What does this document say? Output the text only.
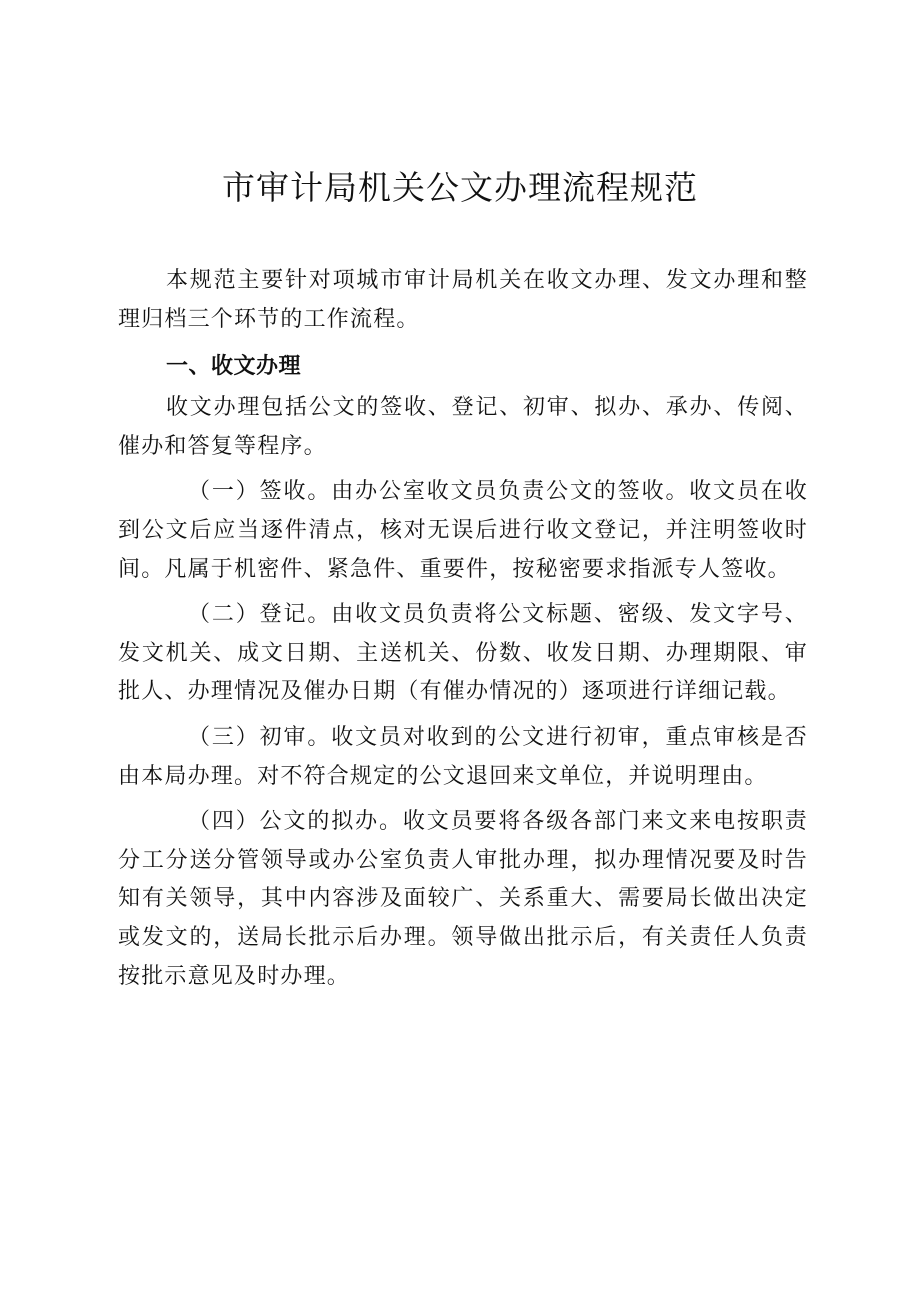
市审计局机关公文办理流程规范

本规范主要针对项城市审计局机关在收文办理、发文办理和整理归档三个环节的工作流程。

一、收文办理

收文办理包括公文的签收、登记、初审、拟办、承办、传阅、催办和答复等程序。

（一）签收。由办公室收文员负责公文的签收。收文员在收到公文后应当逐件清点，核对无误后进行收文登记，并注明签收时间。凡属于机密件、紧急件、重要件，按秘密要求指派专人签收。

（二）登记。由收文员负责将公文标题、密级、发文字号、发文机关、成文日期、主送机关、份数、收发日期、办理期限、审批人、办理情况及催办日期（有催办情况的）逐项进行详细记载。

（三）初审。收文员对收到的公文进行初审，重点审核是否由本局办理。对不符合规定的公文退回来文单位，并说明理由。

（四）公文的拟办。收文员要将各级各部门来文来电按职责分工分送分管领导或办公室负责人审批办理，拟办理情况要及时告知有关领导，其中内容涉及面较广、关系重大、需要局长做出决定或发文的，送局长批示后办理。领导做出批示后，有关责任人负责按批示意见及时办理。
